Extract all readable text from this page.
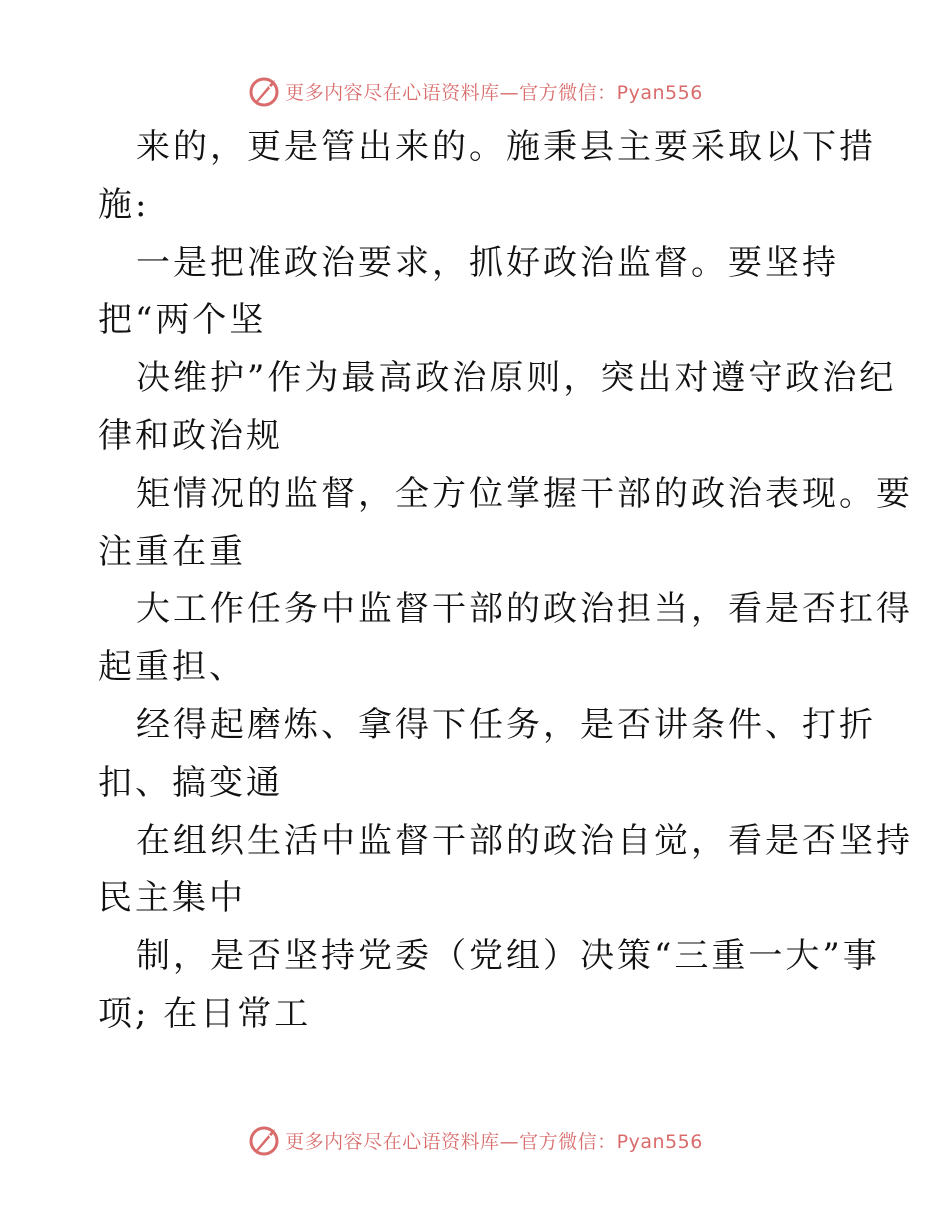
更多内容尽在心语资料库—官方微信：Pyan556
来的，更是管出来的。施秉县主要采取以下措
施:
一是把准政治要求，抓好政治监督。要坚持
把“两个坚
决维护”作为最高政治原则，突出对遵守政治纪
律和政治规
矩情况的监督，全方位掌握干部的政治表现。要
注重在重
大工作任务中监督干部的政治担当，看是否扛得
起重担、
经得起磨炼、拿得下任务，是否讲条件、打折
扣、搞变通
在组织生活中监督干部的政治自觉，看是否坚持
民主集中
制，是否坚持党委（党组）决策“三重一大”事
项; 在日常工
更多内容尽在心语资料库—官方微信：Pyan556
